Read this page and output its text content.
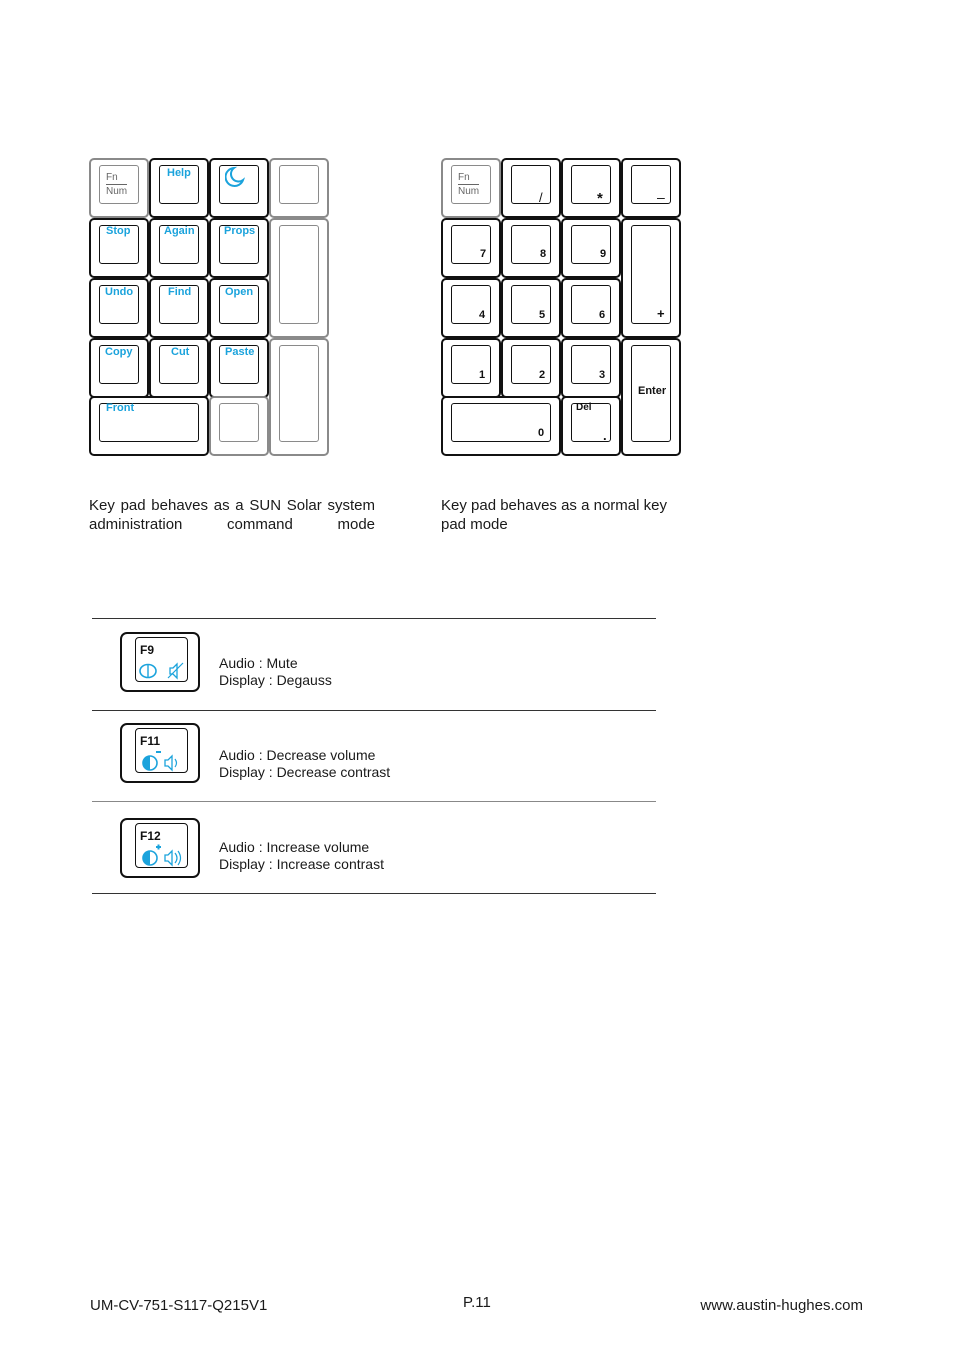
Fn
Num
Help
Stop	Again	Props
Undo	Find	Open
Copy	Cut	Paste
Front
Fn
Num	/	*	–
7	8	9
+
4	5	6
1	2	3
Enter
0
Del
.
Key pad behaves as a SUN Solar system administration command mode
Key pad behaves as a normal key pad mode
F9
Audio : Mute
Display : Degauss
F11
Audio : Decrease volume
Display : Decrease contrast
F12
Audio : Increase volume
Display : Increase contrast
UM-CV-751-S117-Q215V1	P.11	www.austin-hughes.com
